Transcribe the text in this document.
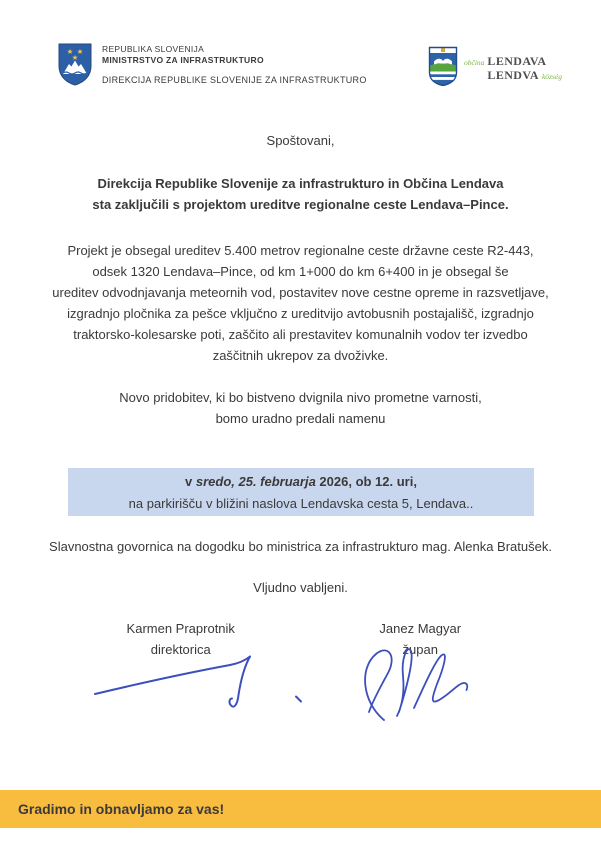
REPUBLIKA SLOVENIJA
MINISTRSTVO ZA INFRASTRUKTURO
DIREKCIJA REPUBLIKE SLOVENIJE ZA INFRASTRUKTURO
občina LENDAVA
LENDVA község
Spoštovani,
Direkcija Republike Slovenije za infrastrukturo in Občina Lendava
sta zaključili s projektom ureditve regionalne ceste Lendava–Pince.
Projekt je obsegal ureditev 5.400 metrov regionalne ceste državne ceste R2-443,
odsek 1320 Lendava–Pince, od km 1+000 do km 6+400 in je obsegal še
ureditev odvodnjavanja meteornih vod, postavitev nove cestne opreme in razsvetljave,
izgradnjo pločnika za pešce vključno z ureditvijo avtobusnih postajališč, izgradnjo
traktorsko-kolesarske poti, zaščito ali prestavitev komunalnih vodov ter izvedbo
zaščitnih ukrepov za dvoživke.
Novo pridobitev, ki bo bistveno dvignila nivo prometne varnosti,
bomo uradno predali namenu
v sredo, 25. februarja 2026, ob 12. uri,
na parkirišču v bližini naslova Lendavska cesta 5, Lendava..
Slavnostna govornica na dogodku bo ministrica za infrastrukturo mag. Alenka Bratušek.
Vljudno vabljeni.
Karmen Praprotnik
direktorica
Janez Magyar
župan
Gradimo in obnavljamo za vas!
